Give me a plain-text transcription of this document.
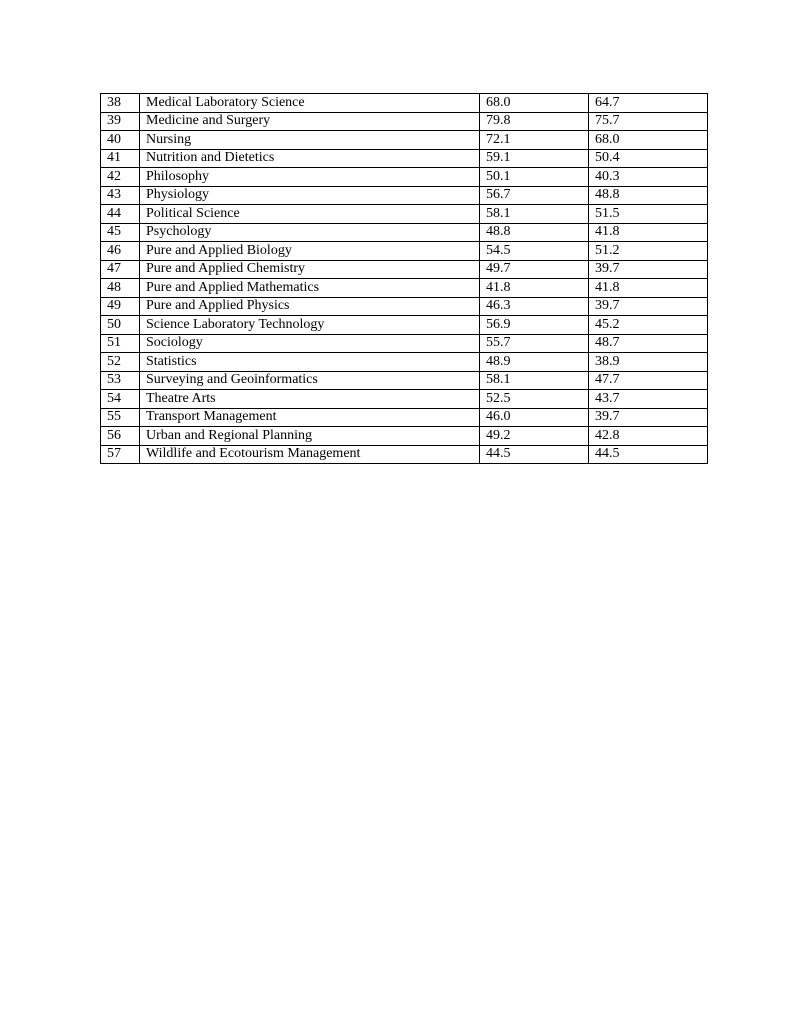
38	Medical Laboratory Science	68.0	64.7
39	Medicine and Surgery	79.8	75.7
40	Nursing	72.1	68.0
41	Nutrition and Dietetics	59.1	50.4
42	Philosophy	50.1	40.3
43	Physiology	56.7	48.8
44	Political Science	58.1	51.5
45	Psychology	48.8	41.8
46	Pure and Applied Biology	54.5	51.2
47	Pure and Applied Chemistry	49.7	39.7
48	Pure and Applied Mathematics	41.8	41.8
49	Pure and Applied Physics	46.3	39.7
50	Science Laboratory Technology	56.9	45.2
51	Sociology	55.7	48.7
52	Statistics	48.9	38.9
53	Surveying and Geoinformatics	58.1	47.7
54	Theatre Arts	52.5	43.7
55	Transport Management	46.0	39.7
56	Urban and Regional Planning	49.2	42.8
57	Wildlife and Ecotourism Management	44.5	44.5
